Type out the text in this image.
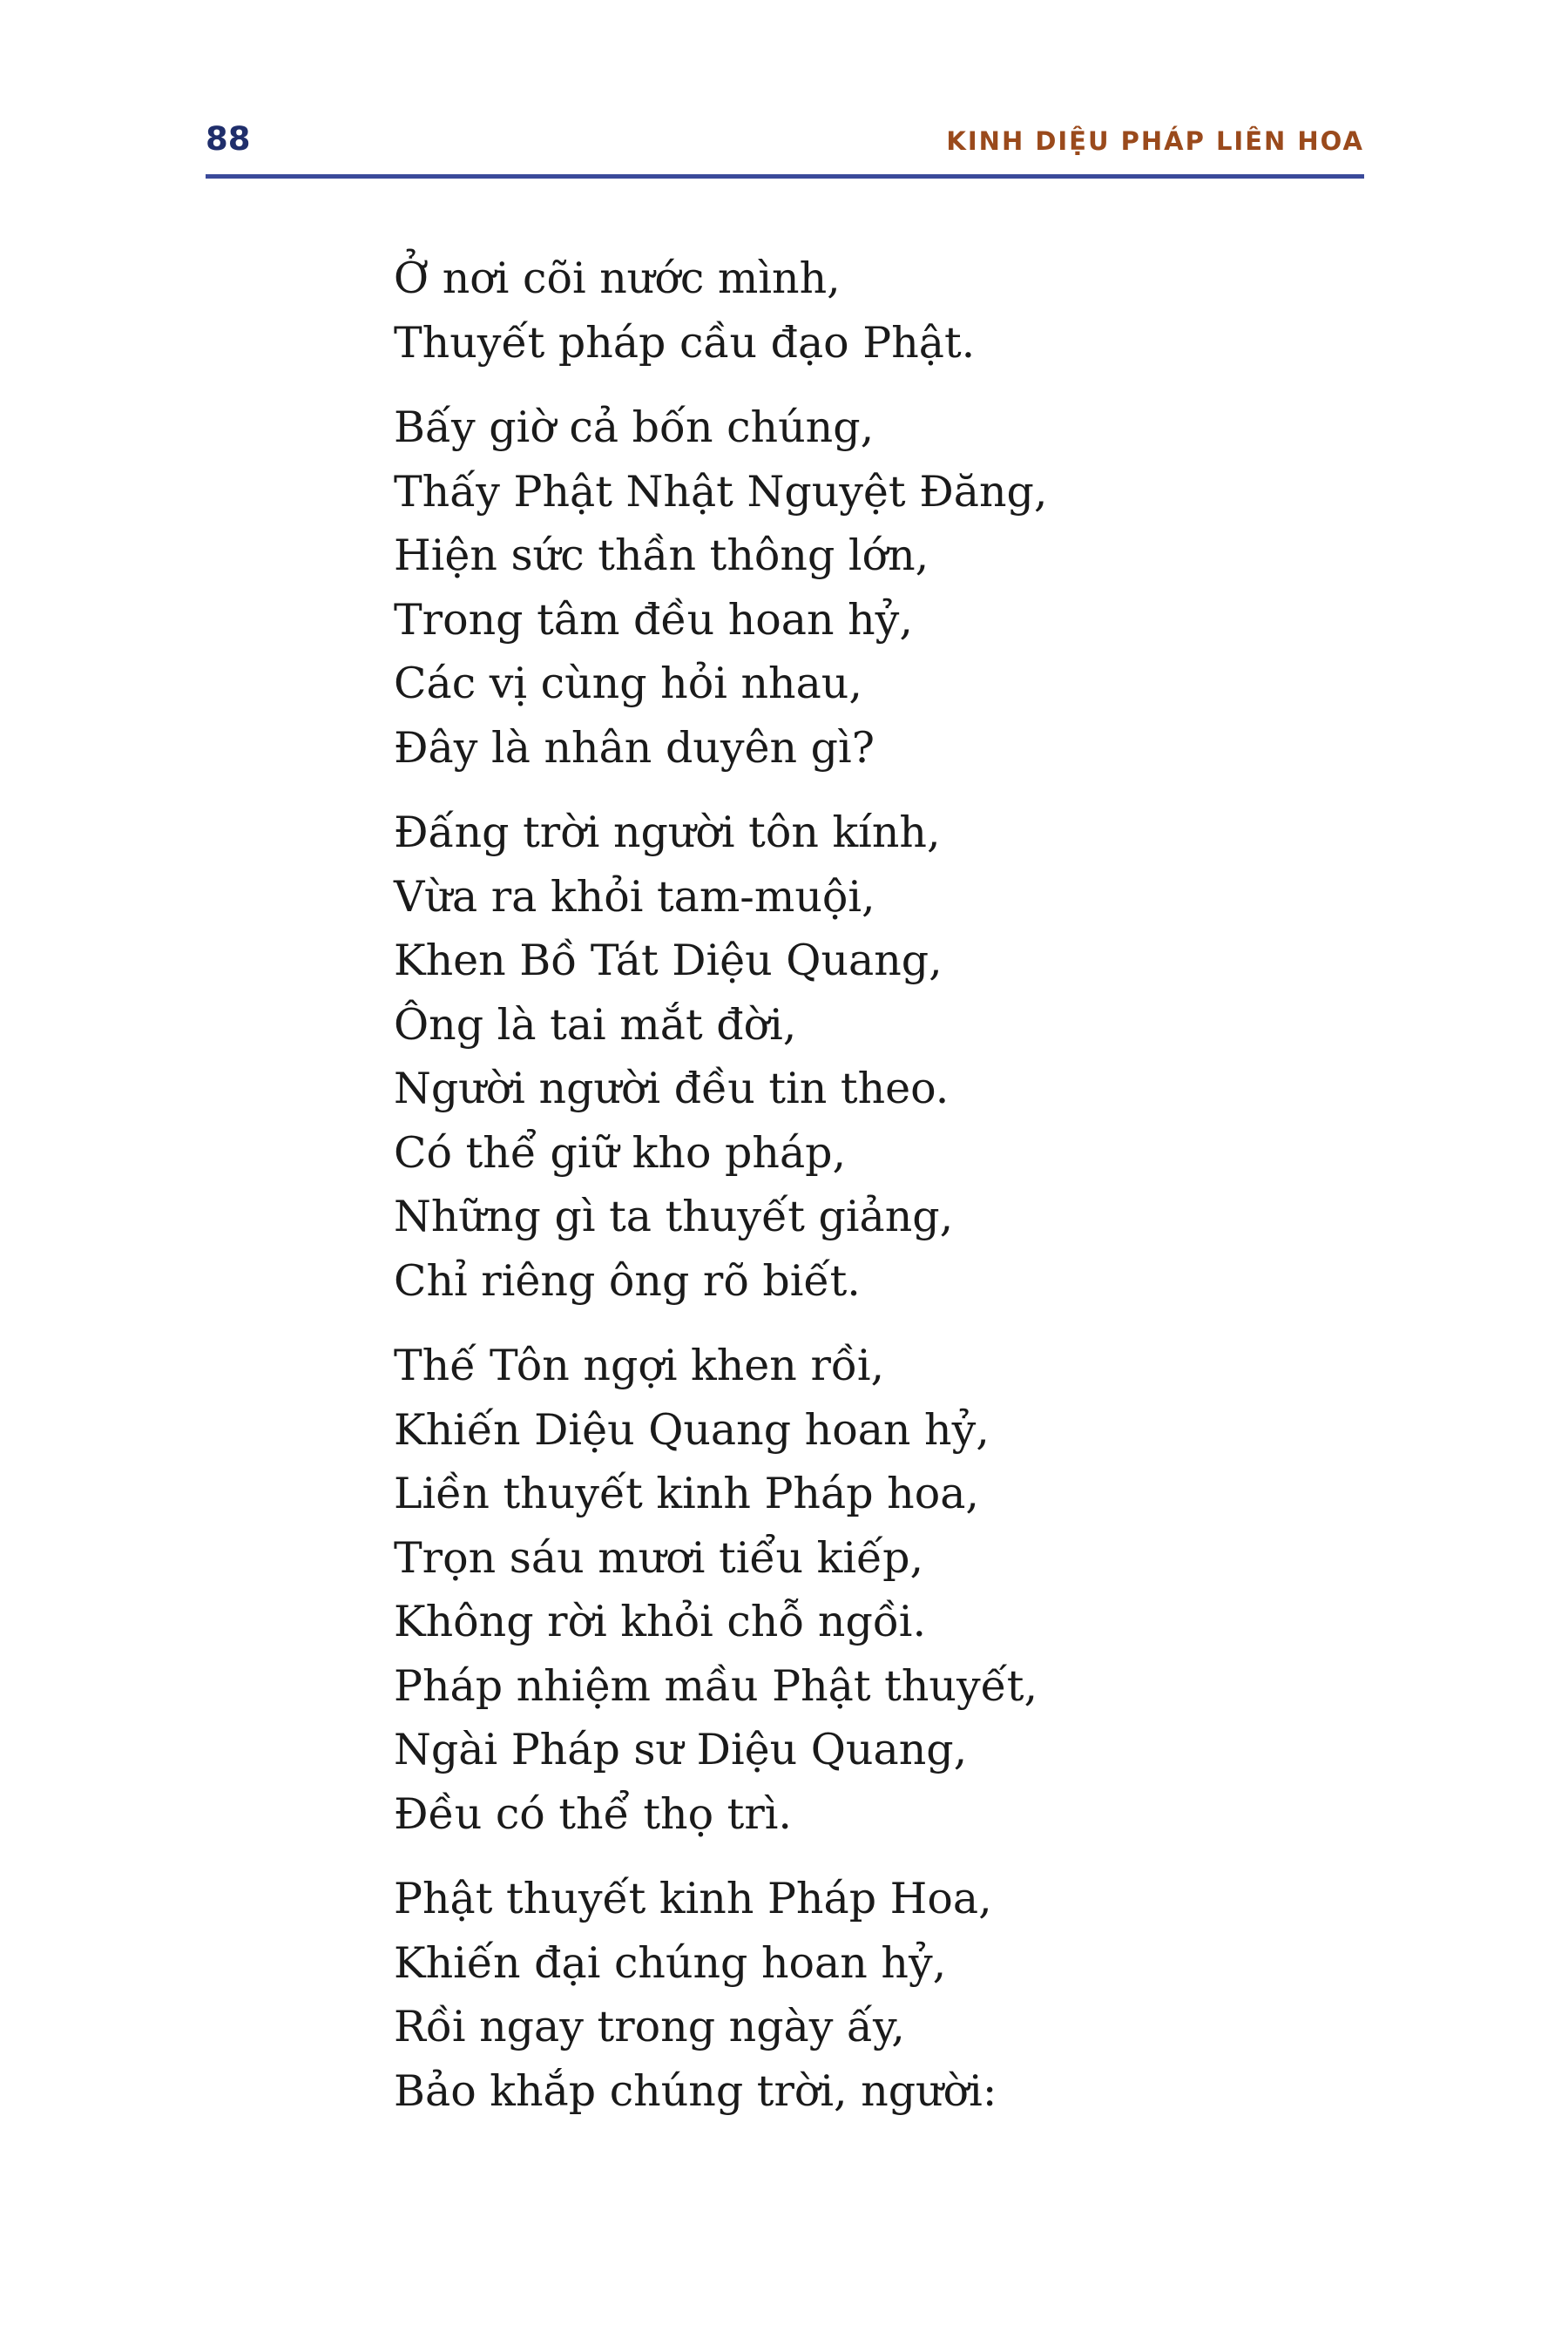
88	KINH DIỆU PHÁP LIÊN HOA
Ở nơi cõi nước mình,
Thuyết pháp cầu đạo Phật.
Bấy giờ cả bốn chúng,
Thấy Phật Nhật Nguyệt Đăng,
Hiện sức thần thông lớn,
Trong tâm đều hoan hỷ,
Các vị cùng hỏi nhau,
Đây là nhân duyên gì?
Đấng trời người tôn kính,
Vừa ra khỏi tam-muội,
Khen Bồ Tát Diệu Quang,
Ông là tai mắt đời,
Người người đều tin theo.
Có thể giữ kho pháp,
Những gì ta thuyết giảng,
Chỉ riêng ông rõ biết.
Thế Tôn ngợi khen rồi,
Khiến Diệu Quang hoan hỷ,
Liền thuyết kinh Pháp hoa,
Trọn sáu mươi tiểu kiếp,
Không rời khỏi chỗ ngồi.
Pháp nhiệm mầu Phật thuyết,
Ngài Pháp sư Diệu Quang,
Đều có thể thọ trì.
Phật thuyết kinh Pháp Hoa,
Khiến đại chúng hoan hỷ,
Rồi ngay trong ngày ấy,
Bảo khắp chúng trời, người:
